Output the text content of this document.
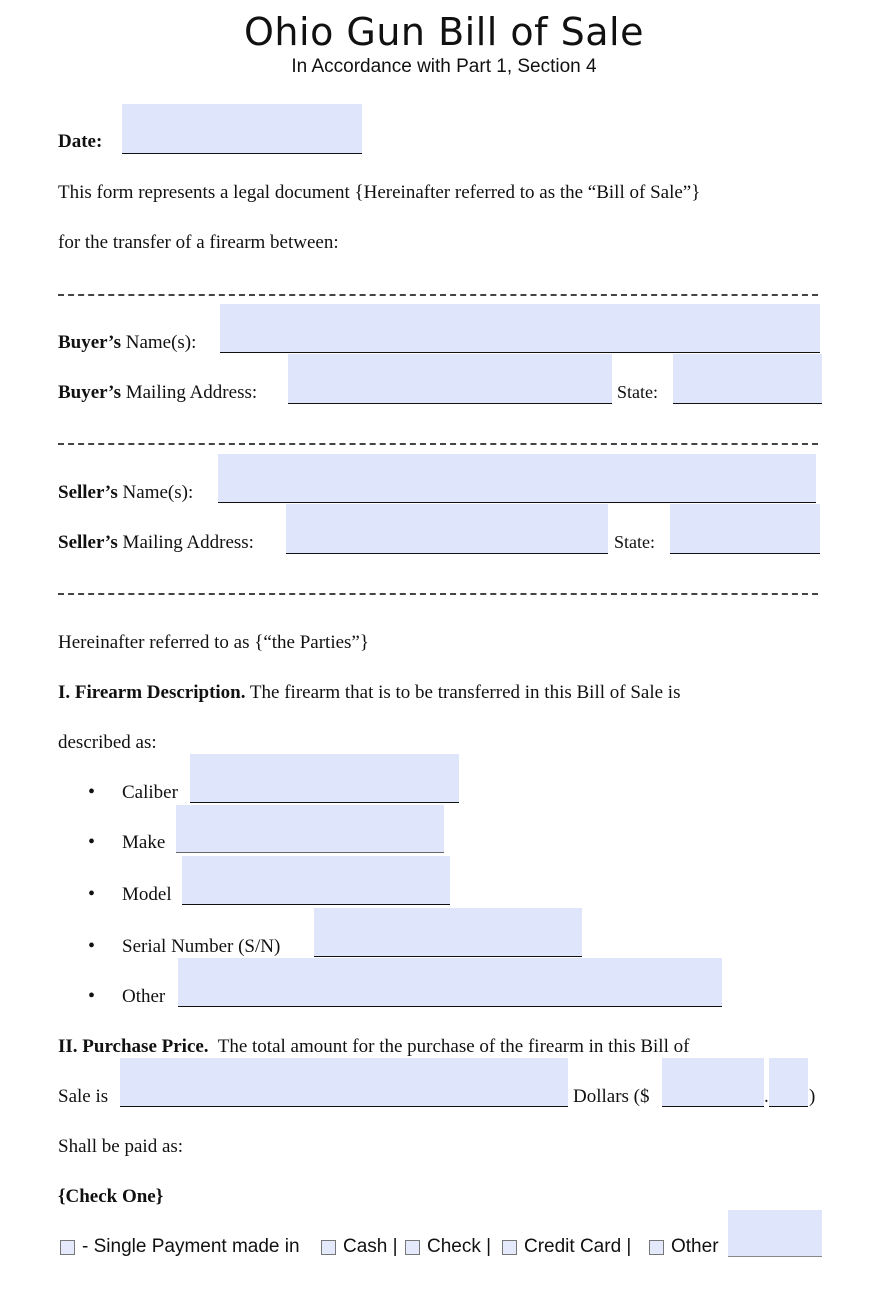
Ohio Gun Bill of Sale
In Accordance with Part 1, Section 4
Date:
This form represents a legal document {Hereinafter referred to as the “Bill of Sale”}
for the transfer of a firearm between:
Buyer’s Name(s):
Buyer’s Mailing Address:	State:
Seller’s Name(s):
Seller’s Mailing Address:	State:
Hereinafter referred to as {“the Parties”}
I. Firearm Description. The firearm that is to be transferred in this Bill of Sale is
described as:
• Caliber
• Make
• Model
• Serial Number (S/N)
• Other
II. Purchase Price. The total amount for the purchase of the firearm in this Bill of
Sale is	Dollars ($	. )
Shall be paid as:
{Check One}
- Single Payment made in Cash | Check | Credit Card | Other
